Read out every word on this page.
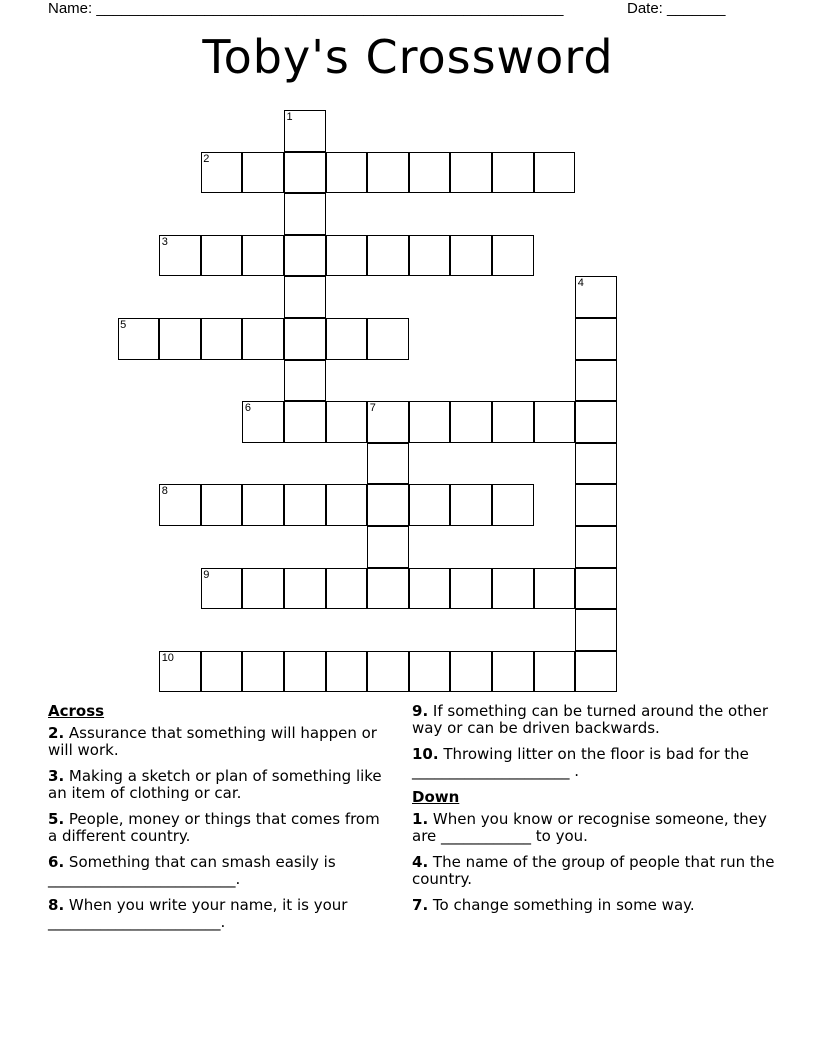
Name: ________________________________________________________	Date: _______
Toby's Crossword
1
2
3
4
5
6	7
8
9
10
Across
2. Assurance that something will happen or will work.
3. Making a sketch or plan of something like an item of clothing or car.
5. People, money or things that comes from a different country.
6. Something that can smash easily is _________________________.
8. When you write your name, it is your _______________________.
9. If something can be turned around the other way or can be driven backwards.
10. Throwing litter on the floor is bad for the _____________________ .
Down
1. When you know or recognise someone, they are ____________ to you.
4. The name of the group of people that run the country.
7. To change something in some way.
